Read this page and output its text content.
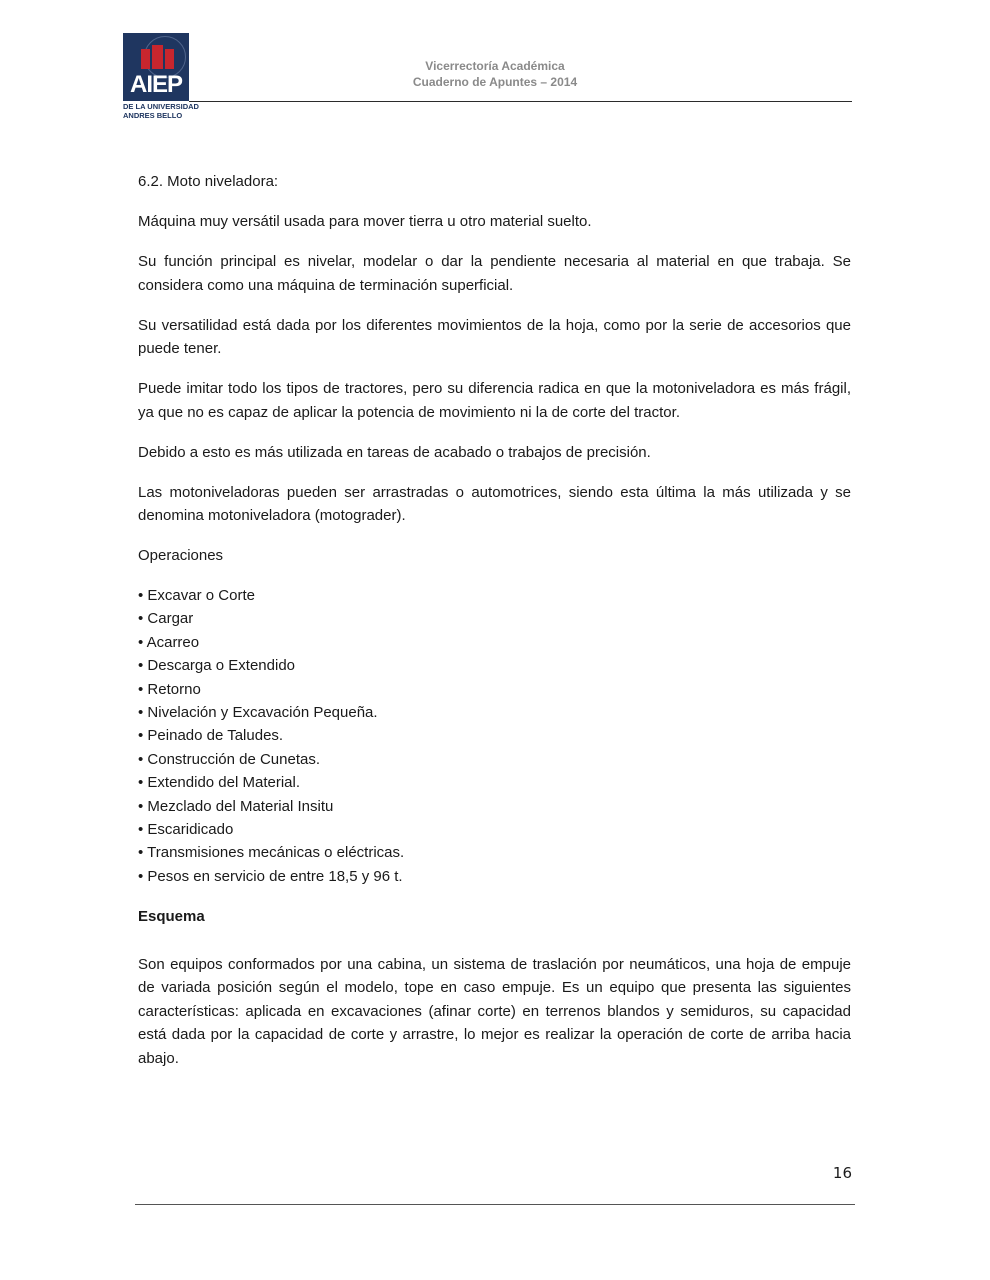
AIEP
DE LA UNIVERSIDAD
ANDRES BELLO
Vicerrectoría Académica
Cuaderno de Apuntes – 2014

6.2. Moto niveladora:

Máquina muy versátil usada para mover tierra u otro material suelto.

Su función principal es nivelar, modelar o dar la pendiente necesaria al material en que trabaja. Se considera como una máquina de terminación superficial.

Su versatilidad está dada por los diferentes movimientos de la hoja, como por la serie de accesorios que puede tener.

Puede imitar todo los tipos de tractores, pero su diferencia radica en que la motoniveladora es más frágil, ya que no es capaz de aplicar la potencia de movimiento ni la de corte del tractor.

Debido a esto es más utilizada en tareas de acabado o trabajos de precisión.

Las motoniveladoras pueden ser arrastradas o automotrices, siendo esta última la más utilizada y se denomina motoniveladora (motograder).

Operaciones

• Excavar o Corte
• Cargar
• Acarreo
• Descarga o Extendido
• Retorno
• Nivelación y Excavación Pequeña.
• Peinado de Taludes.
• Construcción de Cunetas.
• Extendido del Material.
• Mezclado del Material Insitu
• Escaridicado
• Transmisiones mecánicas o eléctricas.
• Pesos en servicio de entre 18,5 y 96 t.

Esquema

Son equipos conformados por una cabina, un sistema de traslación por neumáticos, una hoja de empuje de variada posición según el modelo, tope en caso empuje. Es un equipo que presenta las siguientes características: aplicada en excavaciones (afinar corte) en terrenos blandos y semiduros, su capacidad está dada por la capacidad de corte y arrastre, lo mejor es realizar la operación de corte de arriba hacia abajo.

16
